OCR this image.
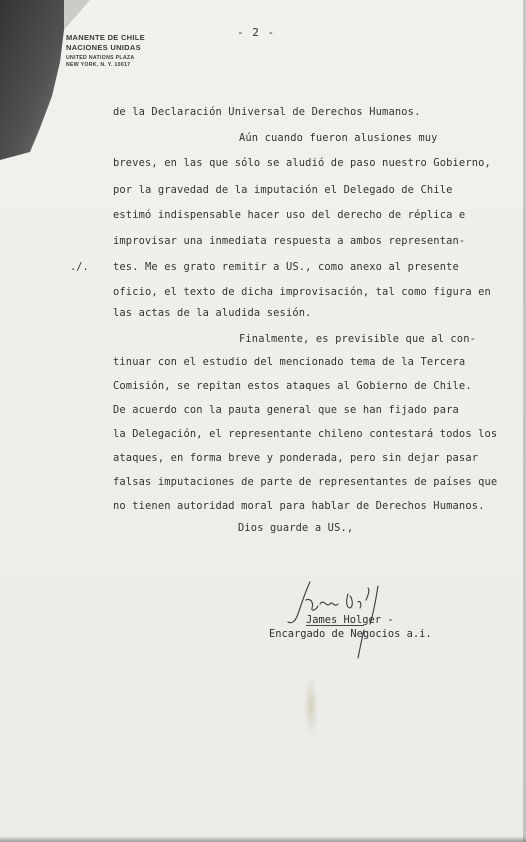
MANENTE DE CHILE
NACIONES UNIDAS
UNITED NATIONS PLAZA
NEW YORK, N. Y. 10017
- 2 -
de la Declaración Universal de Derechos Humanos.
Aún cuando fueron alusiones muy
breves, en las que sólo se aludió de paso nuestro Gobierno,
por la gravedad de la imputación el Delegado de Chile
estimó indispensable hacer uso del derecho de réplica e
improvisar una inmediata respuesta a ambos representan-
./. tes. Me es grato remitir a US., como anexo al presente
oficio, el texto de dicha improvisación, tal como figura en
las actas de la aludida sesión.
Finalmente, es previsible que al con-
tinuar con el estudio del mencionado tema de la Tercera
Comisión, se repitan estos ataques al Gobierno de Chile.
De acuerdo con la pauta general que se han fijado para
la Delegación, el representante chileno contestará todos los
ataques, en forma breve y ponderada, pero sin dejar pasar
falsas imputaciones de parte de representantes de países que
no tienen autoridad moral para hablar de Derechos Humanos.
Dios guarde a US.,
James Holger -
Encargado de Negocios a.i.
